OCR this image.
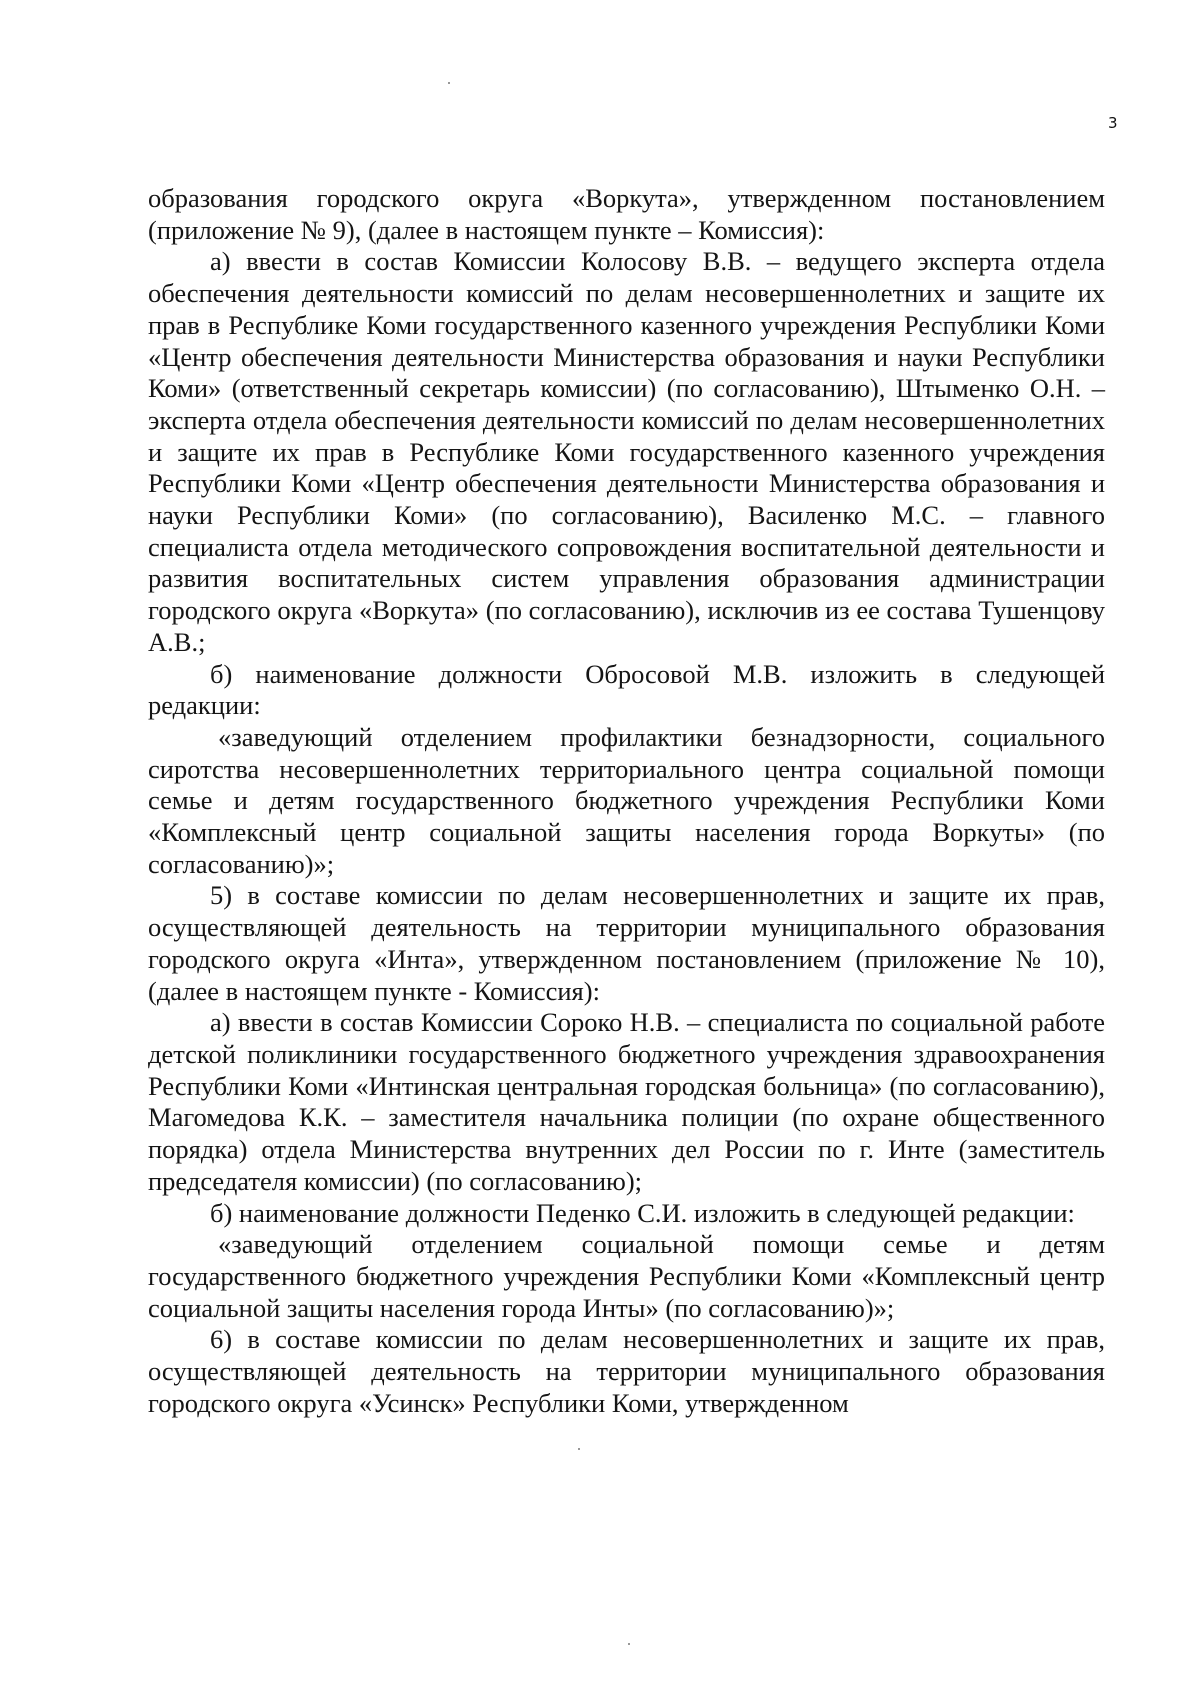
3

образования городского округа «Воркута», утвержденном постановлением (приложение № 9), (далее в настоящем пункте – Комиссия):

а) ввести в состав Комиссии Колосову В.В. – ведущего эксперта отдела обеспечения деятельности комиссий по делам несовершеннолетних и защите их прав в Республике Коми государственного казенного учреждения Республики Коми «Центр обеспечения деятельности Министерства образования и науки Республики Коми» (ответственный секретарь комиссии) (по согласованию), Штыменко О.Н. – эксперта отдела обеспечения деятельности комиссий по делам несовершеннолетних и защите их прав в Республике Коми государственного казенного учреждения Республики Коми «Центр обеспечения деятельности Министерства образования и науки Республики Коми» (по согласованию), Василенко М.С. – главного специалиста отдела методического сопровождения воспитательной деятельности и развития воспитательных систем управления образования администрации городского округа «Воркута» (по согласованию), исключив из ее состава Тушенцову А.В.;

б) наименование должности Обросовой М.В. изложить в следующей редакции:

«заведующий отделением профилактики безнадзорности, социального сиротства несовершеннолетних территориального центра социальной помощи семье и детям государственного бюджетного учреждения Республики Коми «Комплексный центр социальной защиты населения города Воркуты» (по согласованию)»;

5) в составе комиссии по делам несовершеннолетних и защите их прав, осуществляющей деятельность на территории муниципального образования городского округа «Инта», утвержденном постановлением (приложение № 10), (далее в настоящем пункте - Комиссия):

а) ввести в состав Комиссии Сороко Н.В. – специалиста по социальной работе детской поликлиники государственного бюджетного учреждения здравоохранения Республики Коми «Интинская центральная городская больница» (по согласованию), Магомедова К.К. – заместителя начальника полиции (по охране общественного порядка) отдела Министерства внутренних дел России по г. Инте (заместитель председателя комиссии) (по согласованию);

б) наименование должности Педенко С.И. изложить в следующей редакции:

«заведующий отделением социальной помощи семье и детям государственного бюджетного учреждения Республики Коми «Комплексный центр социальной защиты населения города Инты» (по согласованию)»;

6) в составе комиссии по делам несовершеннолетних и защите их прав, осуществляющей деятельность на территории муниципального образования городского округа «Усинск» Республики Коми, утвержденном
